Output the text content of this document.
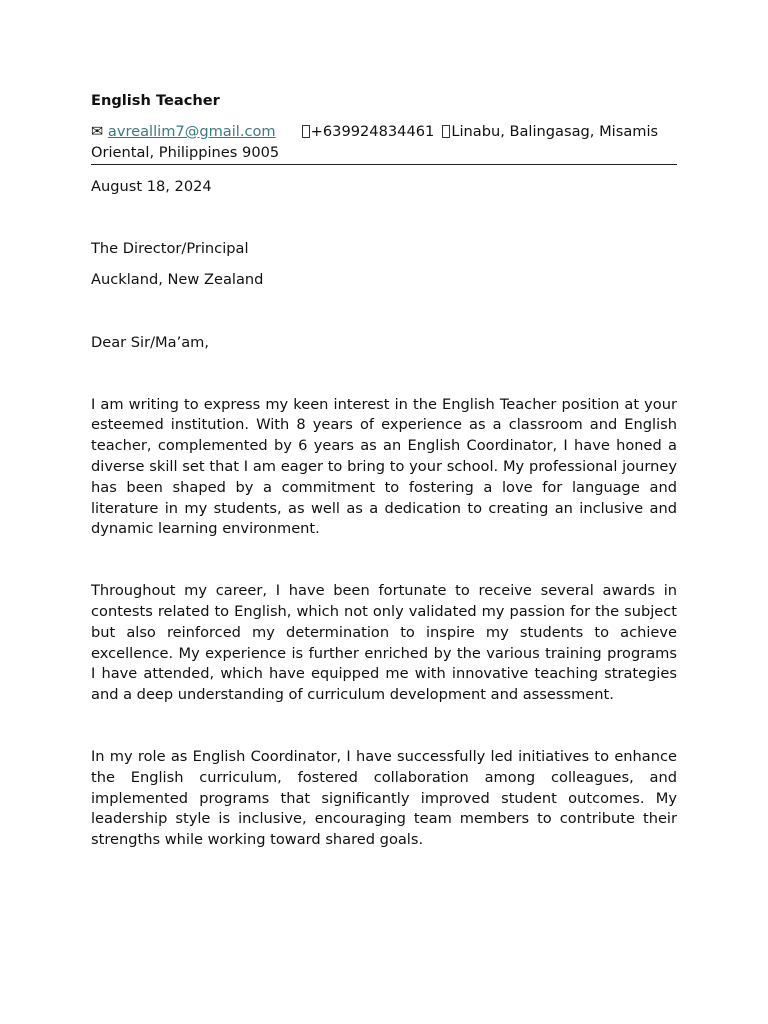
English Teacher

✉ avreallim7@gmail.com +639924834461 Linabu, Balingasag, Misamis Oriental, Philippines 9005

August 18, 2024

The Director/Principal

Auckland, New Zealand

Dear Sir/Ma’am,

I am writing to express my keen interest in the English Teacher position at your esteemed institution. With 8 years of experience as a classroom and English teacher, complemented by 6 years as an English Coordinator, I have honed a diverse skill set that I am eager to bring to your school. My professional journey has been shaped by a commitment to fostering a love for language and literature in my students, as well as a dedication to creating an inclusive and dynamic learning environment.

Throughout my career, I have been fortunate to receive several awards in contests related to English, which not only validated my passion for the subject but also reinforced my determination to inspire my students to achieve excellence. My experience is further enriched by the various training programs I have attended, which have equipped me with innovative teaching strategies and a deep understanding of curriculum development and assessment.

In my role as English Coordinator, I have successfully led initiatives to enhance the English curriculum, fostered collaboration among colleagues, and implemented programs that significantly improved student outcomes. My leadership style is inclusive, encouraging team members to contribute their strengths while working toward shared goals.
